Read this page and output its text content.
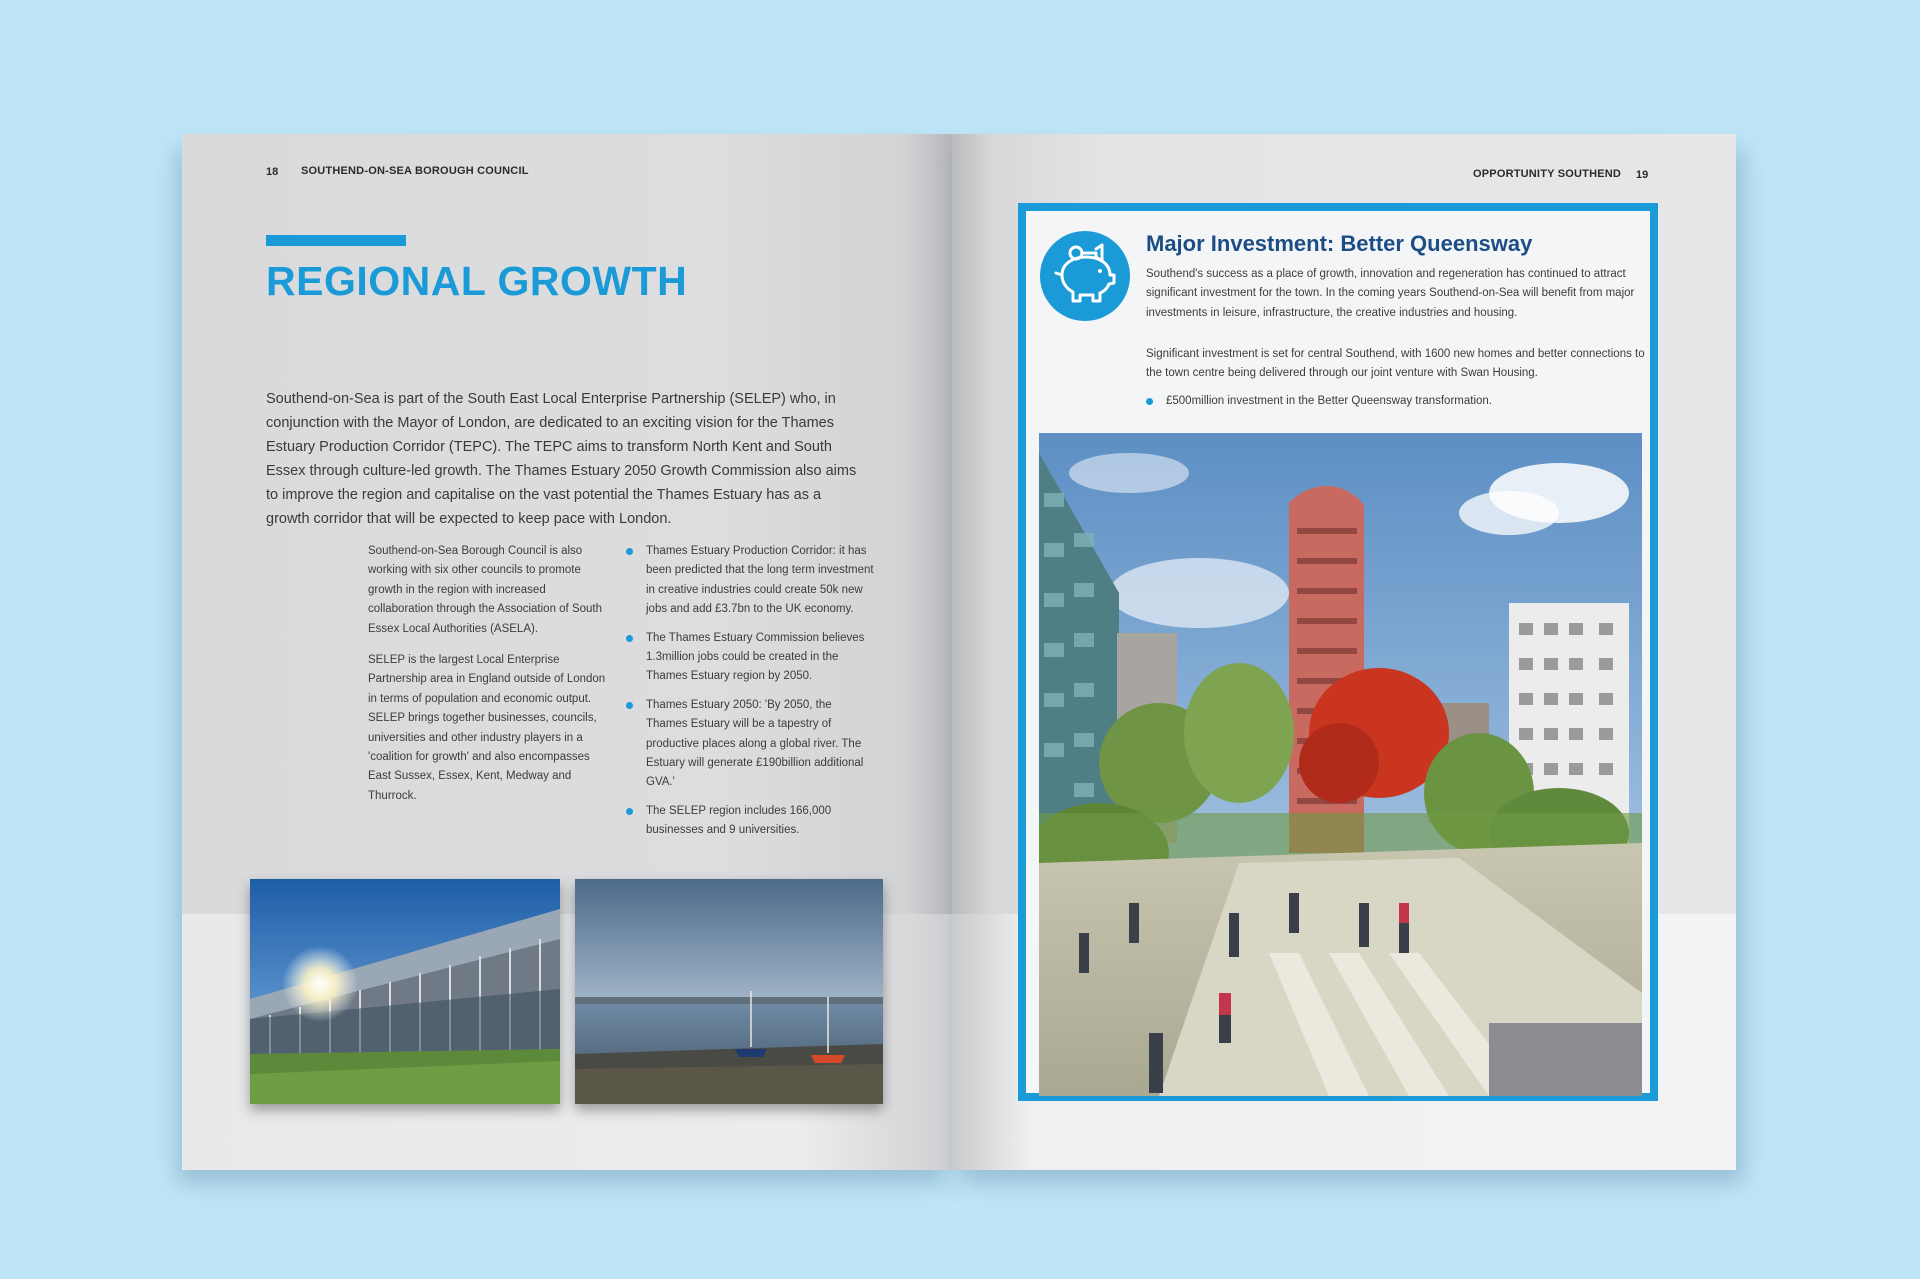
18 SOUTHEND-ON-SEA BOROUGH COUNCIL
REGIONAL GROWTH

Southend-on-Sea is part of the South East Local Enterprise Partnership (SELEP) who, in conjunction with the Mayor of London, are dedicated to an exciting vision for the Thames Estuary Production Corridor (TEPC). The TEPC aims to transform North Kent and South Essex through culture-led growth. The Thames Estuary 2050 Growth Commission also aims to improve the region and capitalise on the vast potential the Thames Estuary has as a growth corridor that will be expected to keep pace with London.

Southend-on-Sea Borough Council is also working with six other councils to promote growth in the region with increased collaboration through the Association of South Essex Local Authorities (ASELA).

SELEP is the largest Local Enterprise Partnership area in England outside of London in terms of population and economic output. SELEP brings together businesses, councils, universities and other industry players in a 'coalition for growth' and also encompasses East Sussex, Essex, Kent, Medway and Thurrock.

Thames Estuary Production Corridor: it has been predicted that the long term investment in creative industries could create 50k new jobs and add £3.7bn to the UK economy.
The Thames Estuary Commission believes 1.3million jobs could be created in the Thames Estuary region by 2050.
Thames Estuary 2050: 'By 2050, the Thames Estuary will be a tapestry of productive places along a global river. The Estuary will generate £190billion additional GVA.'
The SELEP region includes 166,000 businesses and 9 universities.
OPPORTUNITY SOUTHEND 19
Major Investment: Better Queensway

Southend's success as a place of growth, innovation and regeneration has continued to attract significant investment for the town. In the coming years Southend-on-Sea will benefit from major investments in leisure, infrastructure, the creative industries and housing.

Significant investment is set for central Southend, with 1600 new homes and better connections to the town centre being delivered through our joint venture with Swan Housing.

£500million investment in the Better Queensway transformation.
